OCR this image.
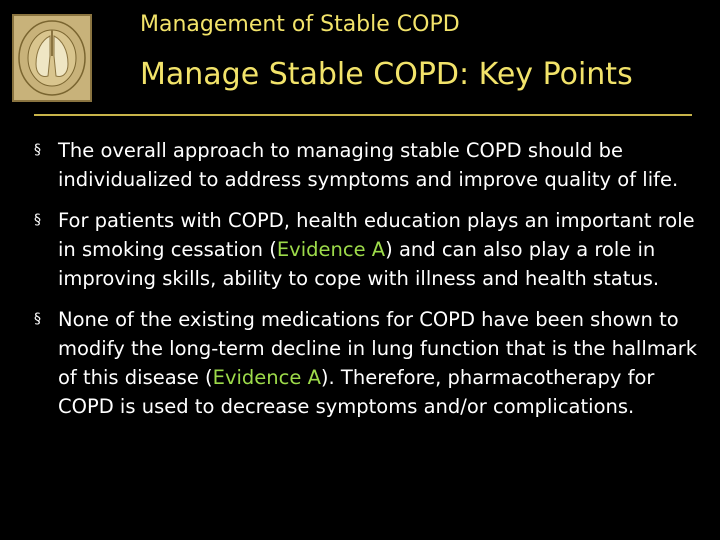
Management of Stable COPD
Manage Stable COPD: Key Points
§ The overall approach to managing stable COPD should be individualized to address symptoms and improve quality of life.
§ For patients with COPD, health education plays an important role in smoking cessation (Evidence A) and can also play a role in improving skills, ability to cope with illness and health status.
§ None of the existing medications for COPD have been shown to modify the long-term decline in lung function that is the hallmark of this disease (Evidence A). Therefore, pharmacotherapy for COPD is used to decrease symptoms and/or complications.
